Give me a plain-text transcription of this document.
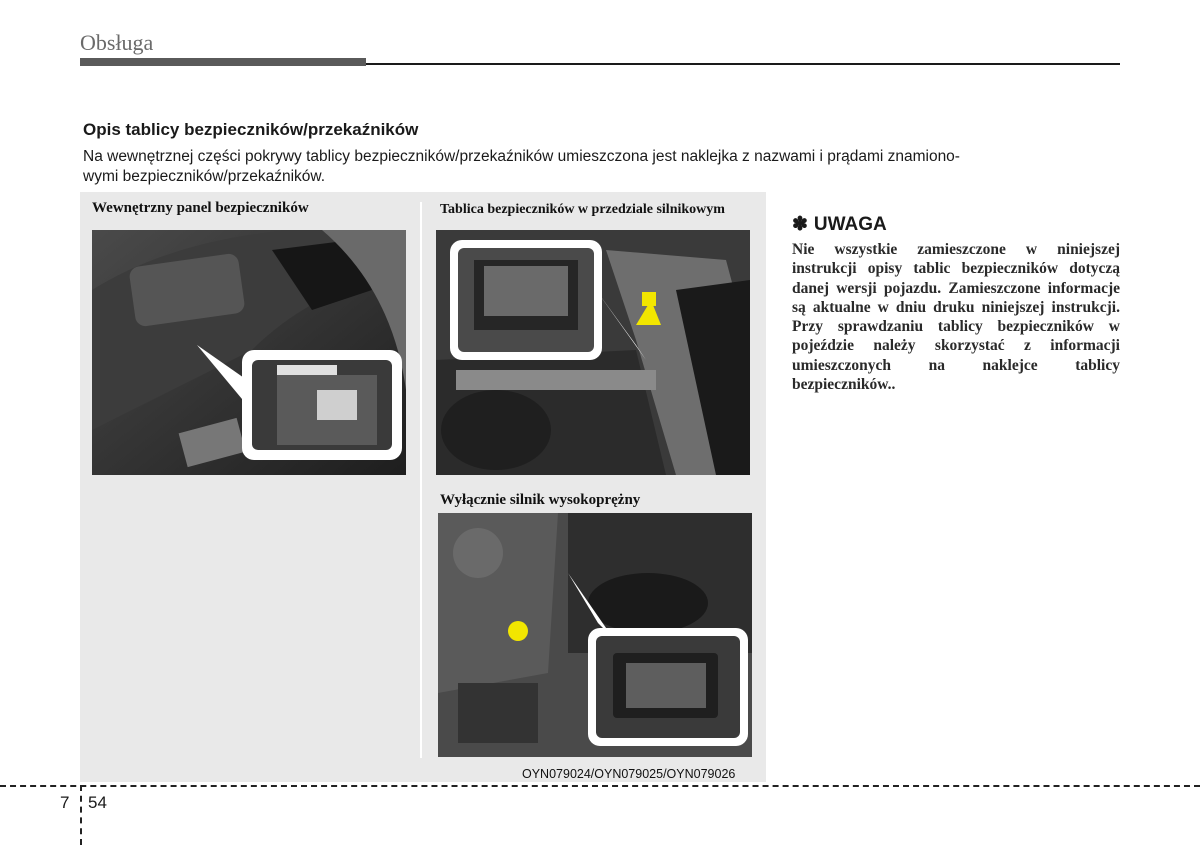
Obsługa
Opis tablicy bezpieczników/przekaźników
Na wewnętrznej części pokrywy tablicy bezpieczników/przekaźników umieszczona jest naklejka z nazwami i prądami znamiono-
wymi bezpieczników/przekaźników.
Wewnętrzny panel bezpieczników	Tablica bezpieczników w przedziale silnikowym
Wyłącznie silnik wysokoprężny
OYN079024/OYN079025/OYN079026
✽ UWAGA
Nie wszystkie zamieszczone w niniejszej instrukcji opisy tablic bezpieczników dotyczą danej wersji pojazdu. Zamieszczone informacje są aktualne w dniu druku niniejszej instrukcji. Przy sprawdzaniu tablicy bezpieczników w pojeździe należy skorzystać z informacji umieszczonych na naklejce tablicy bezpieczników..
7 54
